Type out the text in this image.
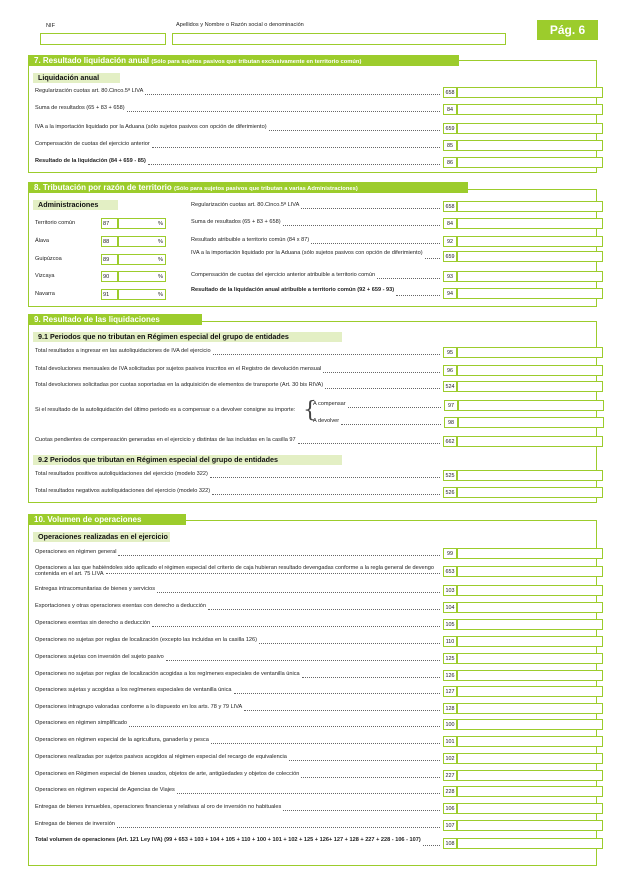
NIF	Apellidos y Nombre o Razón social o denominación	Pág. 6
7. Resultado liquidación anual (Sólo para sujetos pasivos que tributan exclusivamente en territorio común)
Liquidación anual
Regularización cuotas art. 80.Cinco.5ª LIVA	658
Suma de resultados (65 + 83 + 658)	84
IVA a la importación liquidado por la Aduana (sólo sujetos pasivos con opción de diferimiento)	659
Compensación de cuotas del ejercicio anterior	85
Resultado de la liquidación (84 + 659 - 85)	86
8. Tributación por razón de territorio (Sólo para sujetos pasivos que tributan a varias Administraciones)
Administraciones
Territorio común	87	%
Álava	88	%
Guipúzcoa	89	%
Vizcaya	90	%
Navarra	91	%
Regularización cuotas art. 80.Cinco.5ª LIVA	658
Suma de resultados (65 + 83 + 658)	84
Resultado atribuible a territorio común (84 x 87)	92
IVA a la importación liquidado por la Aduana (sólo sujetos pasivos con opción de diferimiento)
659
Compensación de cuotas del ejercicio anterior atribuible a territorio común	93
Resultado de la liquidación anual atribuible a territorio común (92 + 659 - 93)
94
9. Resultado de las liquidaciones
9.1 Periodos que no tributan en Régimen especial del grupo de entidades
Total resultados a ingresar en las autoliquidaciones de IVA del ejercicio	95
Total devoluciones mensuales de IVA solicitadas por sujetos pasivos inscritos en el Registro de devolución mensual	96
Total devoluciones solicitadas por cuotas soportadas en la adquisición de elementos de transporte (Art. 30 bis RIVA)	524
Si el resultado de la autoliquidación del último periodo es a compensar o a devolver consigne su importe: {
A compensar	97
A devolver	98
Cuotas pendientes de compensación generadas en el ejercicio y distintas de las incluidas en la casilla 97	662
9.2 Periodos que tributan en Régimen especial del grupo de entidades
Total resultados positivos autoliquidaciones del ejercicio (modelo 322)	525
Total resultados negativos autoliquidaciones del ejercicio (modelo 322)	526
10. Volumen de operaciones
Operaciones realizadas en el ejercicio
Operaciones en régimen general	99
Operaciones a las que habiéndoles sido aplicado el régimen especial del criterio de caja hubieran resultado devengadas conforme a la regla general de devengo contenida en el art. 75 LIVA	653
Entregas intracomunitarias de bienes y servicios	103
Exportaciones y otras operaciones exentas con derecho a deducción	104
Operaciones exentas sin derecho a deducción	105
Operaciones no sujetas por reglas de localización (excepto las incluidas en la casilla 126)	110
Operaciones sujetas con inversión del sujeto pasivo	125
Operaciones no sujetas por reglas de localización acogidas a los regímenes especiales de ventanilla única	126
Operaciones sujetas y acogidas a los regímenes especiales de ventanilla única	127
Operaciones intragrupo valoradas conforme a lo dispuesto en los arts. 78 y 79 LIVA	128
Operaciones en régimen simplificado	100
Operaciones en régimen especial de la agricultura, ganadería y pesca	101
Operaciones realizadas por sujetos pasivos acogidos al régimen especial del recargo de equivalencia	102
Operaciones en Régimen especial de bienes usados, objetos de arte, antigüedades y objetos de colección	227
Operaciones en régimen especial de Agencias de Viajes	228
Entregas de bienes inmuebles, operaciones financieras y relativas al oro de inversión no habituales	106
Entregas de bienes de inversión	107
Total volumen de operaciones (Art. 121 Ley IVA) (99 + 653 + 103 + 104 + 105 + 110 + 100 + 101 + 102 + 125 + 126+ 127 + 128 + 227 + 228 - 106 - 107)
108
